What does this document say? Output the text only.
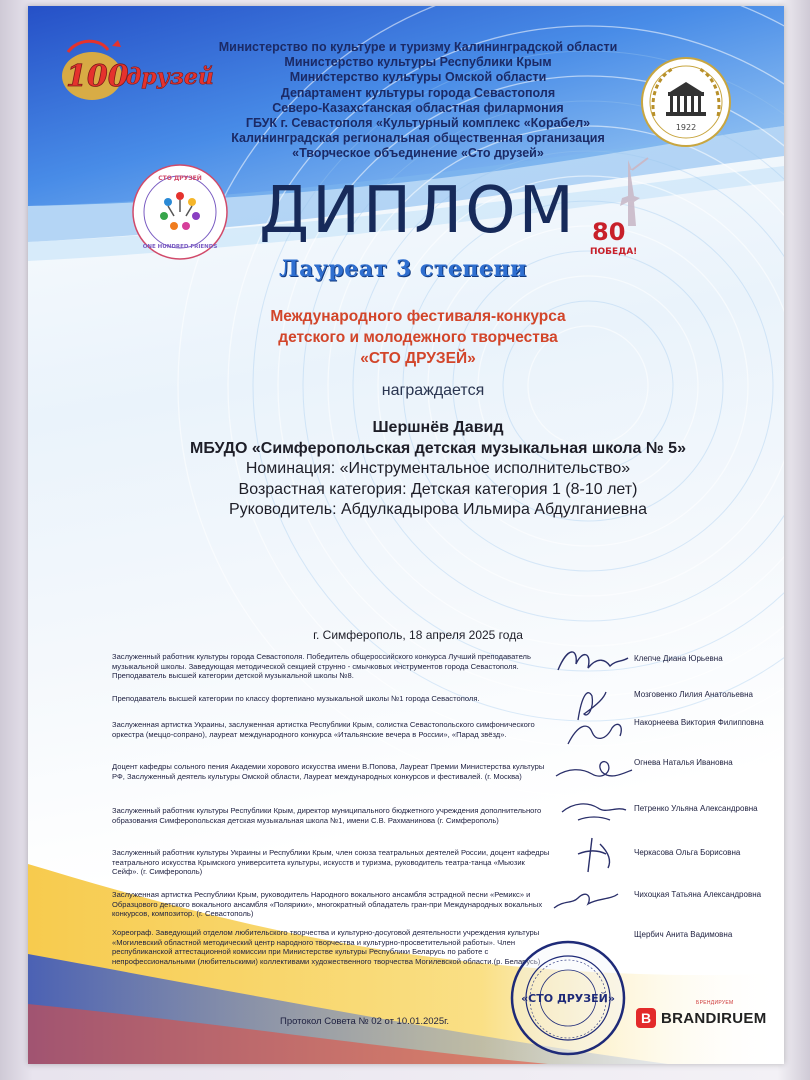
100
друзей
Министерство по культуре и туризму Калининградской области
Министерство культуры Республики Крым
Министерство культуры Омской области
Департамент культуры города Севастополя
Северо-Казахстанская областная филармония
ГБУК г. Севастополя «Культурный комплекс «Корабел»
Калининградская региональная общественная организация
«Творческое объединение «Сто друзей»
1922
СТО ДРУЗЕЙ
ONE HUNDRED FRIENDS
80
ПОБЕДА!
ДИПЛОМ
Лауреат 3 степени
Международного фестиваля-конкурса
детского и молодежного творчества
«СТО ДРУЗЕЙ»
награждается
Шершнёв Давид
МБУДО «Симферопольская детская музыкальная школа № 5»
Номинация: «Инструментальное исполнительство»
Возрастная категория: Детская категория 1 (8-10 лет)
Руководитель: Абдулкадырова Ильмира Абдулганиевна
г. Симферополь, 18 апреля 2025 года
Заслуженный работник культуры города Севастополя. Победитель общероссийского конкурса Лучший преподаватель музыкальной школы. Заведующая методической секцией струнно - смычковых инструментов города Севастополя. Преподаватель высшей категории детской музыкальной школы №8.
Клепче Диана Юрьевна
Преподаватель высшей категории по классу фортепиано музыкальной школы №1 города Севастополя.	Мозговенко Лилия Анатольевна
Заслуженная артистка Украины, заслуженная артистка Республики Крым, солистка Севастопольского симфонического оркестра (меццо-сопрано), лауреат международного конкурса «Итальянские вечера в России», «Парад звёзд».
Накорнеева Виктория Филипповна
Доцент кафедры сольного пения Академии хорового искусства имени В.Попова, Лауреат Премии Министерства культуры РФ, Заслуженный деятель культуры Омской области, Лауреат международных конкурсов и фестивалей. (г. Москва)
Огнева Наталья Ивановна
Заслуженный работник культуры Республики Крым, директор муниципального бюджетного учреждения дополнительного образования Симферопольская детская музыкальная школа №1, имени С.В. Рахманинова (г. Симферополь)
Петренко Ульяна Александровна
Заслуженный работник культуры Украины и Республики Крым, член союза театральных деятелей России, доцент кафедры театрального искусства Крымского университета культуры, искусств и туризма, руководитель театра-танца «Мьюзик Сейф». (г. Симферополь)
Черкасова Ольга Борисовна
Заслуженная артистка Республики Крым, руководитель Народного вокального ансамбля эстрадной песни «Ремикс» и Образцового детского вокального ансамбля «Полярики», многократный обладатель гран-при Международных вокальных конкурсов, композитор. (г. Севастополь)
Чихоцкая Татьяна Александровна
Хореограф. Заведующий отделом любительского творчества и культурно-досуговой деятельности учреждения культуры «Могилевский областной методический центр народного творчества и культурно-просветительной работы». Член республиканской аттестационной комиссии при Министерстве культуры Республики Беларусь по работе с непрофессиональными (любительскими) коллективами художественного творчества Могилевской области.(р. Беларусь)
Щербич Анита Вадимовна
«СТО ДРУЗЕЙ»
Протокол Совета № 02 от 10.01.2025г.
БРЕНДИРУЕМ
B BRANDIRUEM
